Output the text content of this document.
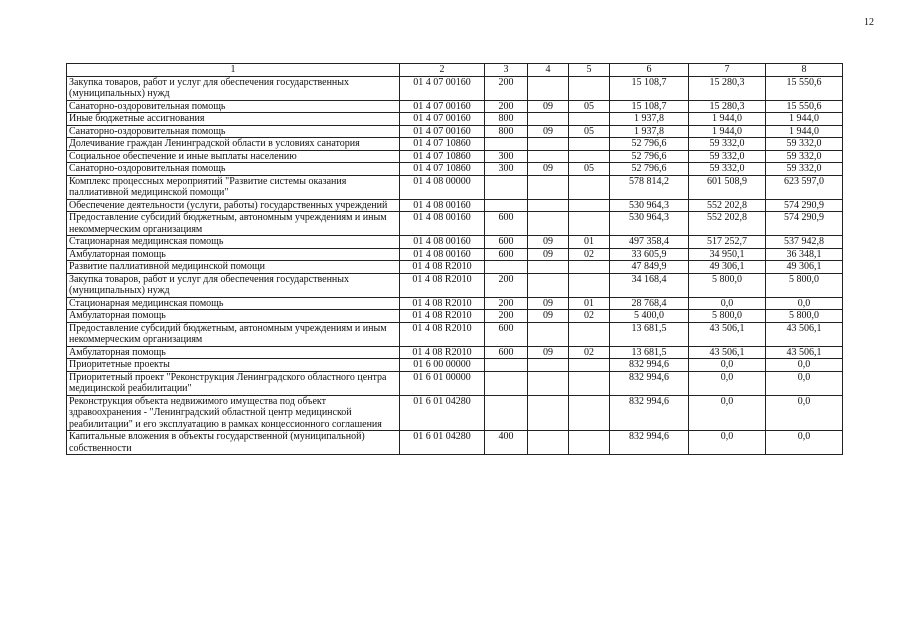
12
1	2	3	4	5	6	7	8
Закупка товаров, работ и услуг для обеспечения государственных (муниципальных) нужд	01 4 07 00160	200			15 108,7	15 280,3	15 550,6
Санаторно-оздоровительная помощь	01 4 07 00160	200	09	05	15 108,7	15 280,3	15 550,6
Иные бюджетные ассигнования	01 4 07 00160	800			1 937,8	1 944,0	1 944,0
Санаторно-оздоровительная помощь	01 4 07 00160	800	09	05	1 937,8	1 944,0	1 944,0
Долечивание граждан Ленинградской области в условиях санатория	01 4 07 10860				52 796,6	59 332,0	59 332,0
Социальное обеспечение и иные выплаты населению	01 4 07 10860	300			52 796,6	59 332,0	59 332,0
Санаторно-оздоровительная помощь	01 4 07 10860	300	09	05	52 796,6	59 332,0	59 332,0
Комплекс процессных мероприятий "Развитие системы оказания паллиативной медицинской помощи"	01 4 08 00000				578 814,2	601 508,9	623 597,0
Обеспечение деятельности (услуги, работы) государственных учреждений	01 4 08 00160				530 964,3	552 202,8	574 290,9
Предоставление субсидий бюджетным, автономным учреждениям и иным некоммерческим организациям	01 4 08 00160	600			530 964,3	552 202,8	574 290,9
Стационарная медицинская помощь	01 4 08 00160	600	09	01	497 358,4	517 252,7	537 942,8
Амбулаторная помощь	01 4 08 00160	600	09	02	33 605,9	34 950,1	36 348,1
Развитие паллиативной медицинской помощи	01 4 08 R2010				47 849,9	49 306,1	49 306,1
Закупка товаров, работ и услуг для обеспечения государственных (муниципальных) нужд	01 4 08 R2010	200			34 168,4	5 800,0	5 800,0
Стационарная медицинская помощь	01 4 08 R2010	200	09	01	28 768,4	0,0	0,0
Амбулаторная помощь	01 4 08 R2010	200	09	02	5 400,0	5 800,0	5 800,0
Предоставление субсидий бюджетным, автономным учреждениям и иным некоммерческим организациям	01 4 08 R2010	600			13 681,5	43 506,1	43 506,1
Амбулаторная помощь	01 4 08 R2010	600	09	02	13 681,5	43 506,1	43 506,1
Приоритетные проекты	01 6 00 00000				832 994,6	0,0	0,0
Приоритетный проект "Реконструкция Ленинградского областного центра медицинской реабилитации"	01 6 01 00000				832 994,6	0,0	0,0
Реконструкция объекта недвижимого имущества под объект здравоохранения - "Ленинградский областной центр медицинской реабилитации" и его эксплуатацию в рамках концессионного соглашения	01 6 01 04280				832 994,6	0,0	0,0
Капитальные вложения в объекты государственной (муниципальной) собственности	01 6 01 04280	400			832 994,6	0,0	0,0
